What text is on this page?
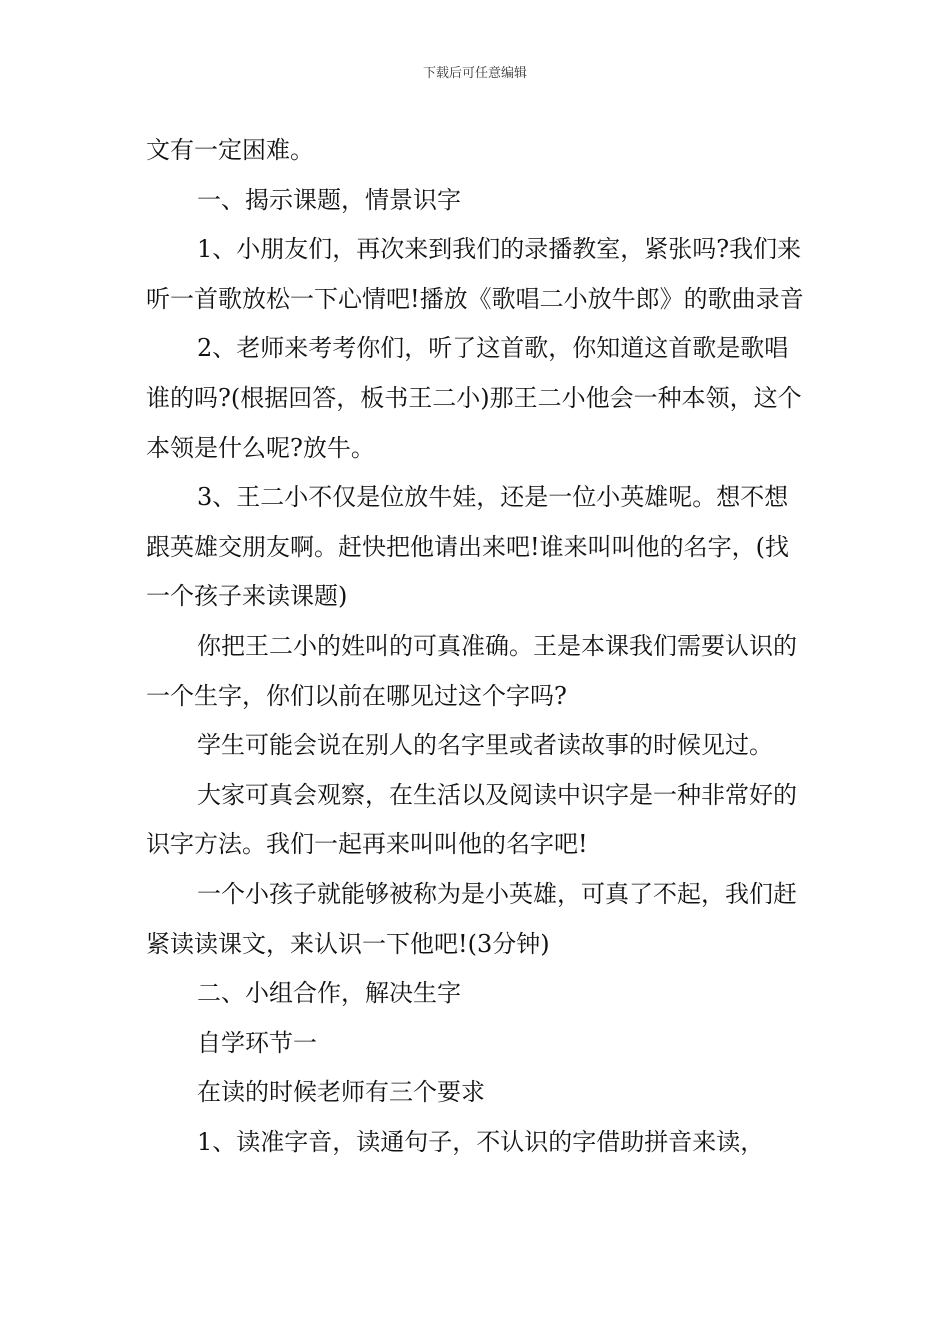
下载后可任意编辑

文有一定困难。

一、揭示课题，情景识字

1、小朋友们，再次来到我们的录播教室，紧张吗?我们来听一首歌放松一下心情吧!播放《歌唱二小放牛郎》的歌曲录音

2、老师来考考你们，听了这首歌，你知道这首歌是歌唱谁的吗?(根据回答，板书王二小)那王二小他会一种本领，这个本领是什么呢?放牛。

3、王二小不仅是位放牛娃，还是一位小英雄呢。想不想跟英雄交朋友啊。赶快把他请出来吧!谁来叫叫他的名字，(找一个孩子来读课题)

你把王二小的姓叫的可真准确。王是本课我们需要认识的一个生字，你们以前在哪见过这个字吗?

学生可能会说在别人的名字里或者读故事的时候见过。

大家可真会观察，在生活以及阅读中识字是一种非常好的识字方法。我们一起再来叫叫他的名字吧!

一个小孩子就能够被称为是小英雄，可真了不起，我们赶紧读读课文，来认识一下他吧!(3分钟)

二、小组合作，解决生字

自学环节一

在读的时候老师有三个要求

1、读准字音，读通句子，不认识的字借助拼音来读，
